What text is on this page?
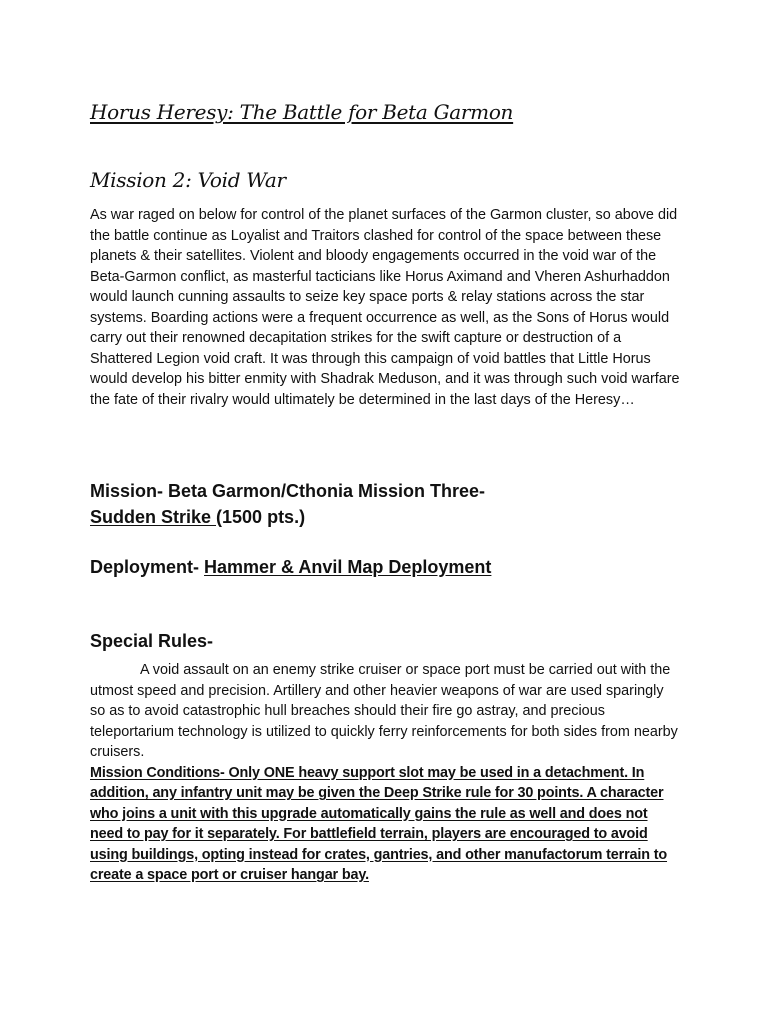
Horus Heresy: The Battle for Beta Garmon
Mission 2: Void War

As war raged on below for control of the planet surfaces of the Garmon cluster, so above did the battle continue as Loyalist and Traitors clashed for control of the space between these planets & their satellites. Violent and bloody engagements occurred in the void war of the Beta-Garmon conflict, as masterful tacticians like Horus Aximand and Vheren Ashurhaddon would launch cunning assaults to seize key space ports & relay stations across the star systems. Boarding actions were a frequent occurrence as well, as the Sons of Horus would carry out their renowned decapitation strikes for the swift capture or destruction of a Shattered Legion void craft. It was through this campaign of void battles that Little Horus would develop his bitter enmity with Shadrak Meduson, and it was through such void warfare the fate of their rivalry would ultimately be determined in the last days of the Heresy…

Mission- Beta Garmon/Cthonia Mission Three-
Sudden Strike (1500 pts.)
Deployment- Hammer & Anvil Map Deployment
Special Rules-

A void assault on an enemy strike cruiser or space port must be carried out with the utmost speed and precision. Artillery and other heavier weapons of war are used sparingly so as to avoid catastrophic hull breaches should their fire go astray, and precious teleportarium technology is utilized to quickly ferry reinforcements for both sides from nearby cruisers.
Mission Conditions- Only ONE heavy support slot may be used in a detachment. In addition, any infantry unit may be given the Deep Strike rule for 30 points. A character who joins a unit with this upgrade automatically gains the rule as well and does not need to pay for it separately. For battlefield terrain, players are encouraged to avoid using buildings, opting instead for crates, gantries, and other manufactorum terrain to create a space port or cruiser hangar bay.
